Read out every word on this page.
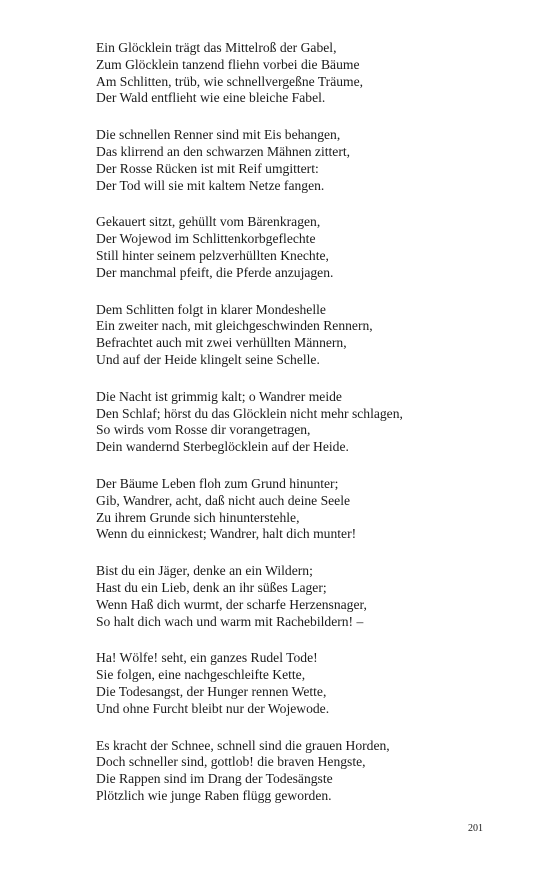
Ein Glöcklein trägt das Mittelroß der Gabel,
Zum Glöcklein tanzend fliehn vorbei die Bäume
Am Schlitten, trüb, wie schnellvergeßne Träume,
Der Wald entflieht wie eine bleiche Fabel.
Die schnellen Renner sind mit Eis behangen,
Das klirrend an den schwarzen Mähnen zittert,
Der Rosse Rücken ist mit Reif umgittert:
Der Tod will sie mit kaltem Netze fangen.
Gekauert sitzt, gehüllt vom Bärenkragen,
Der Wojewod im Schlittenkorbgeflechte
Still hinter seinem pelzverhüllten Knechte,
Der manchmal pfeift, die Pferde anzujagen.
Dem Schlitten folgt in klarer Mondeshelle
Ein zweiter nach, mit gleichgeschwinden Rennern,
Befrachtet auch mit zwei verhüllten Männern,
Und auf der Heide klingelt seine Schelle.
Die Nacht ist grimmig kalt; o Wandrer meide
Den Schlaf; hörst du das Glöcklein nicht mehr schlagen,
So wirds vom Rosse dir vorangetragen,
Dein wandernd Sterbeglöcklein auf der Heide.
Der Bäume Leben floh zum Grund hinunter;
Gib, Wandrer, acht, daß nicht auch deine Seele
Zu ihrem Grunde sich hinunterstehle,
Wenn du einnickest; Wandrer, halt dich munter!
Bist du ein Jäger, denke an ein Wildern;
Hast du ein Lieb, denk an ihr süßes Lager;
Wenn Haß dich wurmt, der scharfe Herzensnager,
So halt dich wach und warm mit Rachebildern! –
Ha! Wölfe! seht, ein ganzes Rudel Tode!
Sie folgen, eine nachgeschleifte Kette,
Die Todesangst, der Hunger rennen Wette,
Und ohne Furcht bleibt nur der Wojewode.
Es kracht der Schnee, schnell sind die grauen Horden,
Doch schneller sind, gottlob! die braven Hengste,
Die Rappen sind im Drang der Todesängste
Plötzlich wie junge Raben flügg geworden.
201
